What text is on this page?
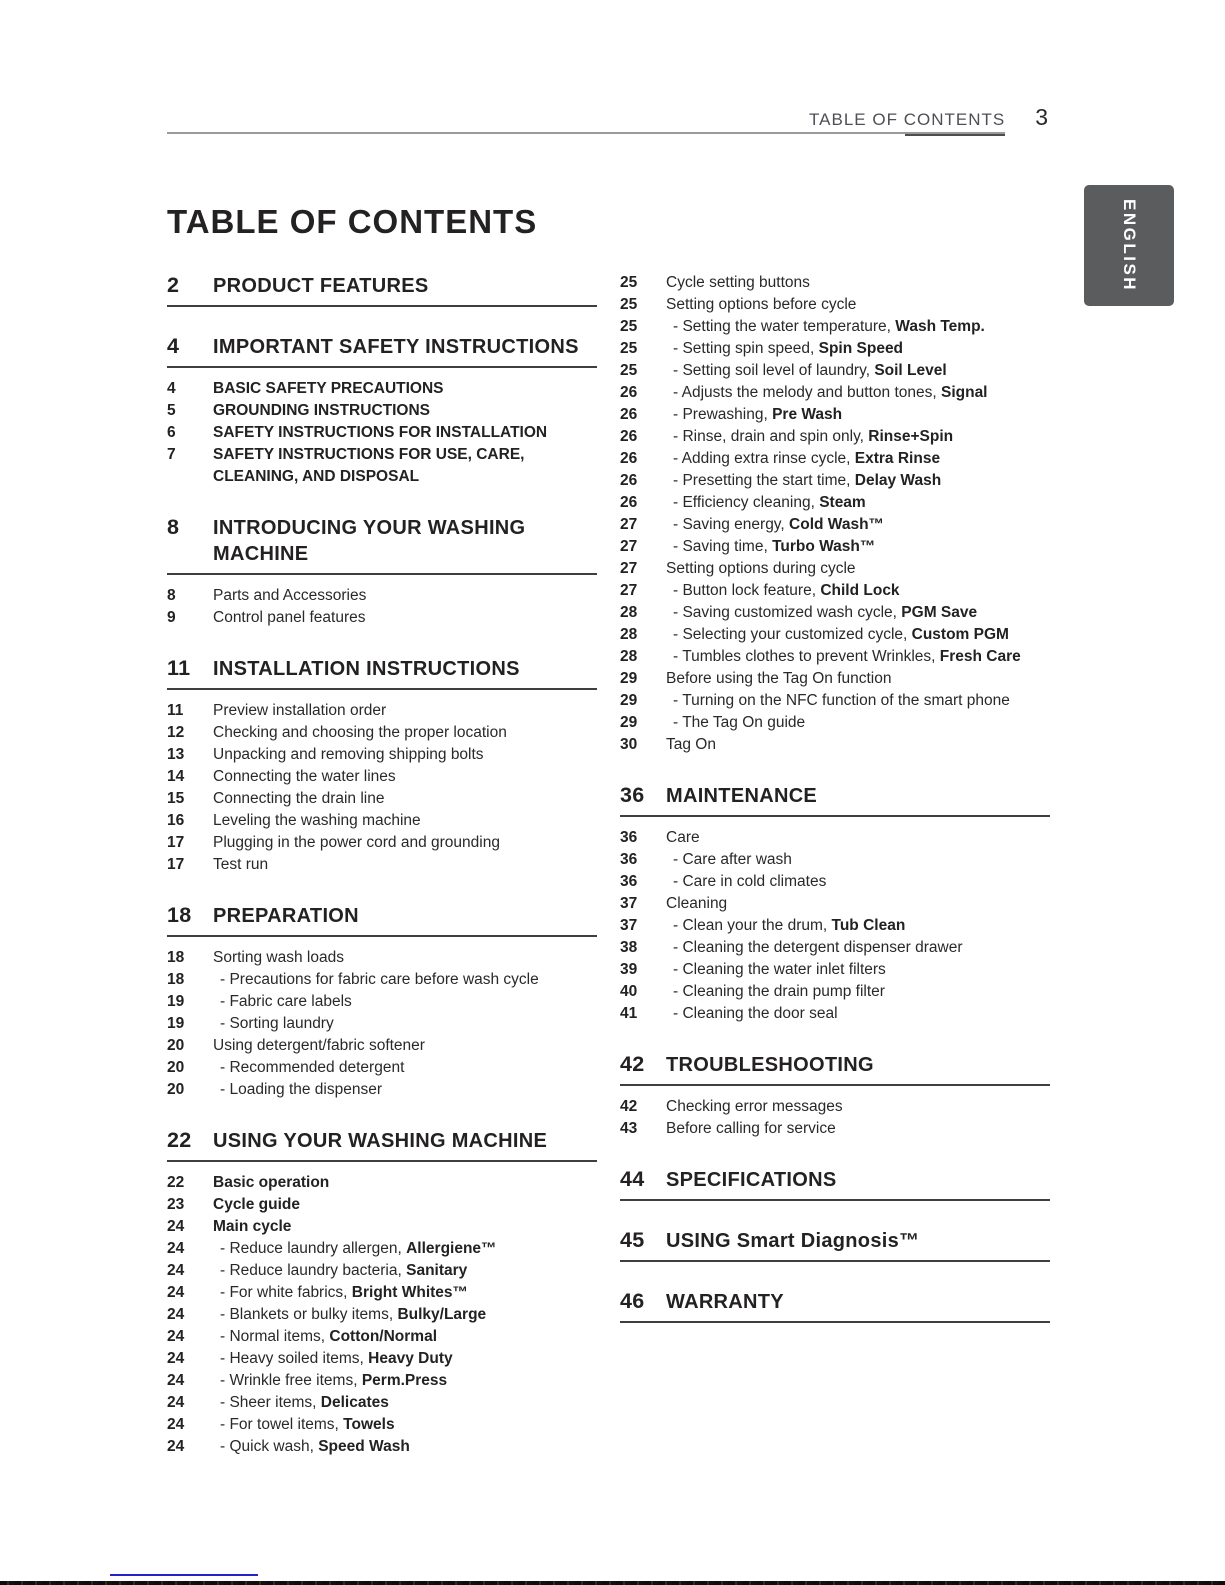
TABLE OF CONTENTS 3
ENGLISH
TABLE OF CONTENTS
2	PRODUCT FEATURES
4	IMPORTANT SAFETY INSTRUCTIONS
4	BASIC SAFETY PRECAUTIONS
5	GROUNDING INSTRUCTIONS
6	SAFETY INSTRUCTIONS FOR INSTALLATION
7	SAFETY INSTRUCTIONS FOR USE, CARE, CLEANING, AND DISPOSAL
8	INTRODUCING YOUR WASHING MACHINE
8	Parts and Accessories
9	Control panel features
11	INSTALLATION INSTRUCTIONS
11	Preview installation order
12	Checking and choosing the proper location
13	Unpacking and removing shipping bolts
14	Connecting the water lines
15	Connecting the drain line
16	Leveling the washing machine
17	Plugging in the power cord and grounding
17	Test run
18	PREPARATION
18	Sorting wash loads
18	- Precautions for fabric care before wash cycle
19	- Fabric care labels
19	- Sorting laundry
20	Using detergent/fabric softener
20	- Recommended detergent
20	- Loading the dispenser
22	USING YOUR WASHING MACHINE
22	Basic operation
23	Cycle guide
24	Main cycle
24	- Reduce laundry allergen, Allergiene™
24	- Reduce laundry bacteria, Sanitary
24	- For white fabrics, Bright Whites™
24	- Blankets or bulky items, Bulky/Large
24	- Normal items, Cotton/Normal
24	- Heavy soiled items, Heavy Duty
24	- Wrinkle free items, Perm.Press
24	- Sheer items, Delicates
24	- For towel items, Towels
24	- Quick wash, Speed Wash
25	Cycle setting buttons
25	Setting options before cycle
25	- Setting the water temperature, Wash Temp.
25	- Setting spin speed, Spin Speed
25	- Setting soil level of laundry, Soil Level
26	- Adjusts the melody and button tones, Signal
26	- Prewashing, Pre Wash
26	- Rinse, drain and spin only, Rinse+Spin
26	- Adding extra rinse cycle, Extra Rinse
26	- Presetting the start time, Delay Wash
26	- Efficiency cleaning, Steam
27	- Saving energy, Cold Wash™
27	- Saving time, Turbo Wash™
27	Setting options during cycle
27	- Button lock feature, Child Lock
28	- Saving customized wash cycle, PGM Save
28	- Selecting your customized cycle, Custom PGM
28	- Tumbles clothes to prevent Wrinkles, Fresh Care
29	Before using the Tag On function
29	- Turning on the NFC function of the smart phone
29	- The Tag On guide
30	Tag On
36	MAINTENANCE
36	Care
36	- Care after wash
36	- Care in cold climates
37	Cleaning
37	- Clean your the drum, Tub Clean
38	- Cleaning the detergent dispenser drawer
39	- Cleaning the water inlet filters
40	- Cleaning the drain pump filter
41	- Cleaning the door seal
42	TROUBLESHOOTING
42	Checking error messages
43	Before calling for service
44	SPECIFICATIONS
45	USING Smart Diagnosis™
46	WARRANTY
